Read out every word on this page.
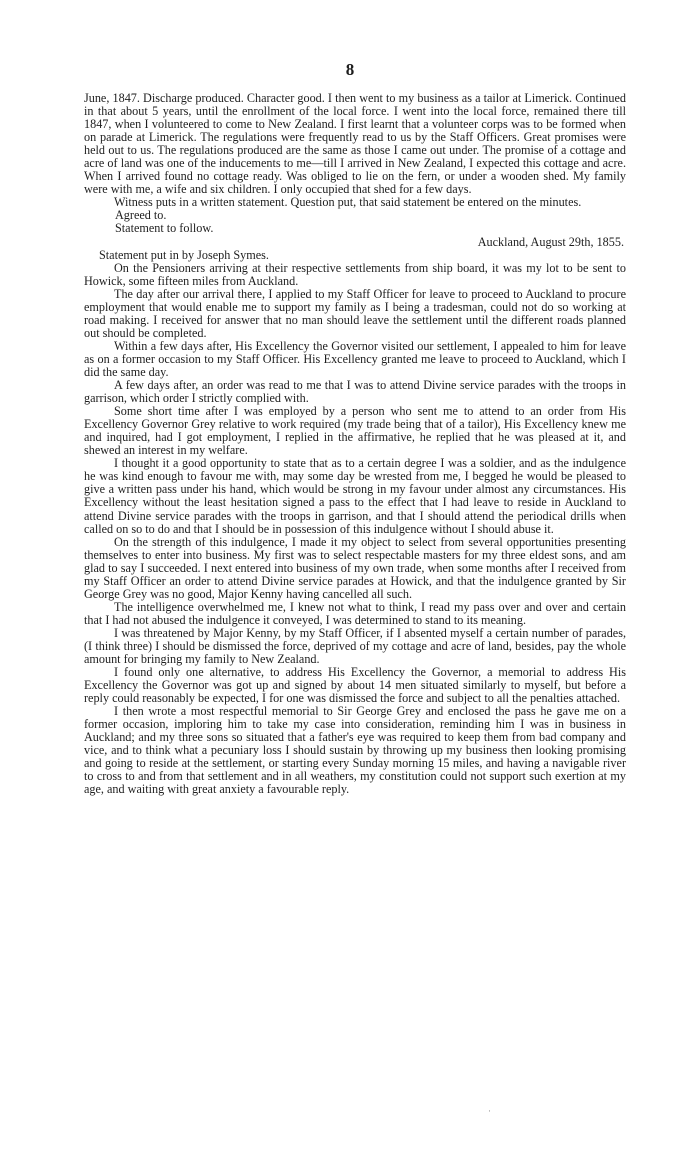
8

June, 1847. Discharge produced. Character good. I then went to my business as a tailor at Limerick. Continued in that about 5 years, until the enrollment of the local force. I went into the local force, remained there till 1847, when I volunteered to come to New Zealand. I first learnt that a volunteer corps was to be formed when on parade at Limerick. The regulations were frequently read to us by the Staff Officers. Great promises were held out to us. The regulations produced are the same as those I came out under. The promise of a cottage and acre of land was one of the inducements to me—till I arrived in New Zealand, I expected this cottage and acre. When I arrived found no cottage ready. Was obliged to lie on the fern, or under a wooden shed. My family were with me, a wife and six children. I only occupied that shed for a few days.

Witness puts in a written statement. Question put, that said statement be entered on the minutes.

Agreed to.

Statement to follow.

Auckland, August 29th, 1855.

Statement put in by Joseph Symes.

On the Pensioners arriving at their respective settlements from ship board, it was my lot to be sent to Howick, some fifteen miles from Auckland.

The day after our arrival there, I applied to my Staff Officer for leave to proceed to Auckland to procure employment that would enable me to support my family as I being a tradesman, could not do so working at road making. I received for answer that no man should leave the settlement until the different roads planned out should be completed.

Within a few days after, His Excellency the Governor visited our settlement, I appealed to him for leave as on a former occasion to my Staff Officer. His Excellency granted me leave to proceed to Auckland, which I did the same day.

A few days after, an order was read to me that I was to attend Divine service parades with the troops in garrison, which order I strictly complied with.

Some short time after I was employed by a person who sent me to attend to an order from His Excellency Governor Grey relative to work required (my trade being that of a tailor), His Excellency knew me and inquired, had I got employment, I replied in the affirmative, he replied that he was pleased at it, and shewed an interest in my welfare.

I thought it a good opportunity to state that as to a certain degree I was a soldier, and as the indulgence he was kind enough to favour me with, may some day be wrested from me, I begged he would be pleased to give a written pass under his hand, which would be strong in my favour under almost any circumstances. His Excellency without the least hesitation signed a pass to the effect that I had leave to reside in Auckland to attend Divine service parades with the troops in garrison, and that I should attend the periodical drills when called on so to do and that I should be in possession of this indulgence without I should abuse it.

On the strength of this indulgence, I made it my object to select from several opportunities presenting themselves to enter into business. My first was to select respectable masters for my three eldest sons, and am glad to say I succeeded. I next entered into business of my own trade, when some months after I received from my Staff Officer an order to attend Divine service parades at Howick, and that the indulgence granted by Sir George Grey was no good, Major Kenny having cancelled all such.

The intelligence overwhelmed me, I knew not what to think, I read my pass over and over and certain that I had not abused the indulgence it conveyed, I was determined to stand to its meaning.

I was threatened by Major Kenny, by my Staff Officer, if I absented myself a certain number of parades, (I think three) I should be dismissed the force, deprived of my cottage and acre of land, besides, pay the whole amount for bringing my family to New Zealand.

I found only one alternative, to address His Excellency the Governor, a memorial to address His Excellency the Governor was got up and signed by about 14 men situated similarly to myself, but before a reply could reasonably be expected, I for one was dismissed the force and subject to all the penalties attached.

I then wrote a most respectful memorial to Sir George Grey and enclosed the pass he gave me on a former occasion, imploring him to take my case into consideration, reminding him I was in business in Auckland; and my three sons so situated that a father's eye was required to keep them from bad company and vice, and to think what a pecuniary loss I should sustain by throwing up my business then looking promising and going to reside at the settlement, or starting every Sunday morning 15 miles, and having a navigable river to cross to and from that settlement and in all weathers, my constitution could not support such exertion at my age, and waiting with great anxiety a favourable reply.

·
